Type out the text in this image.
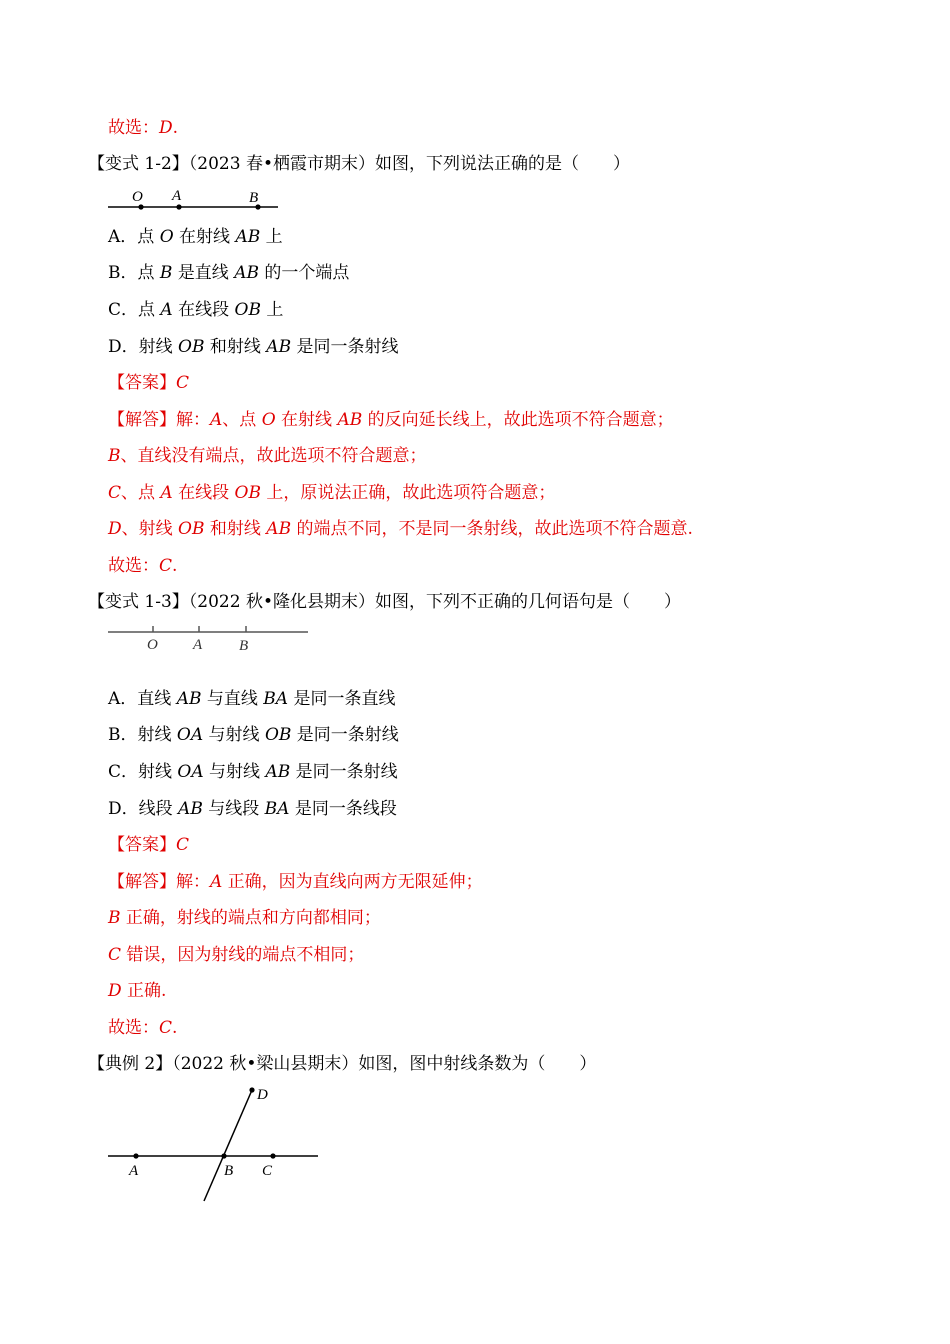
故选：D.
【变式 1-2】（2023 春•栖霞市期末）如图，下列说法正确的是（　　）
O A	B
A．点 O 在射线 AB 上
B．点 B 是直线 AB 的一个端点
C．点 A 在线段 OB 上
D．射线 OB 和射线 AB 是同一条射线
【答案】C
【解答】解：A、点 O 在射线 AB 的反向延长线上，故此选项不符合题意；
B、直线没有端点，故此选项不符合题意；
C、点 A 在线段 OB 上，原说法正确，故此选项符合题意；
D、射线 OB 和射线 AB 的端点不同，不是同一条射线，故此选项不符合题意.
故选：C.
【变式 1-3】（2022 秋•隆化县期末）如图，下列不正确的几何语句是（　　）
O A B
A．直线 AB 与直线 BA 是同一条直线
B．射线 OA 与射线 OB 是同一条射线
C．射线 OA 与射线 AB 是同一条射线
D．线段 AB 与线段 BA 是同一条线段
【答案】C
【解答】解：A 正确，因为直线向两方无限延伸；
B 正确，射线的端点和方向都相同；
C 错误，因为射线的端点不相同；
D 正确.
故选：C.
【典例 2】（2022 秋•梁山县期末）如图，图中射线条数为（　　）
A	B C
D
